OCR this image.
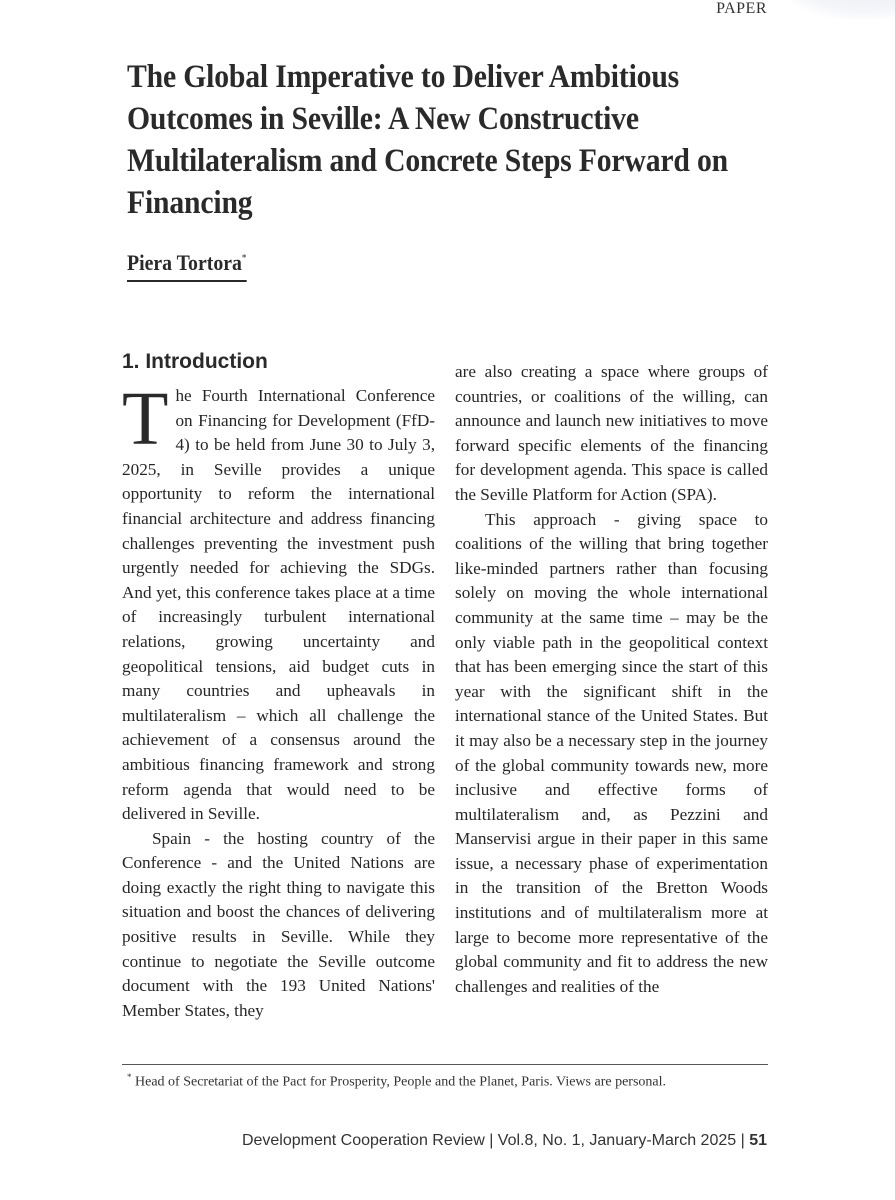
PAPER
The Global Imperative to Deliver Ambitious Outcomes in Seville: A New Constructive Multilateralism and Concrete Steps Forward on Financing
Piera Tortora*
1. Introduction

The Fourth International Conference on Financing for Development (FfD-4) to be held from June 30 to July 3, 2025, in Seville provides a unique opportunity to reform the international financial architecture and address financing challenges preventing the investment push urgently needed for achieving the SDGs. And yet, this conference takes place at a time of increasingly turbulent international relations, growing uncertainty and geopolitical tensions, aid budget cuts in many countries and upheavals in multilateralism – which all challenge the achievement of a consensus around the ambitious financing framework and strong reform agenda that would need to be delivered in Seville.

Spain - the hosting country of the Conference - and the United Nations are doing exactly the right thing to navigate this situation and boost the chances of delivering positive results in Seville. While they continue to negotiate the Seville outcome document with the 193 United Nations' Member States, they

are also creating a space where groups of countries, or coalitions of the willing, can announce and launch new initiatives to move forward specific elements of the financing for development agenda. This space is called the Seville Platform for Action (SPA).

This approach - giving space to coalitions of the willing that bring together like-minded partners rather than focusing solely on moving the whole international community at the same time – may be the only viable path in the geopolitical context that has been emerging since the start of this year with the significant shift in the international stance of the United States. But it may also be a necessary step in the journey of the global community towards new, more inclusive and effective forms of multilateralism and, as Pezzini and Manservisi argue in their paper in this same issue, a necessary phase of experimentation in the transition of the Bretton Woods institutions and of multilateralism more at large to become more representative of the global community and fit to address the new challenges and realities of the

* Head of Secretariat of the Pact for Prosperity, People and the Planet, Paris. Views are personal.
Development Cooperation Review | Vol.8, No. 1, January-March 2025 | 51
